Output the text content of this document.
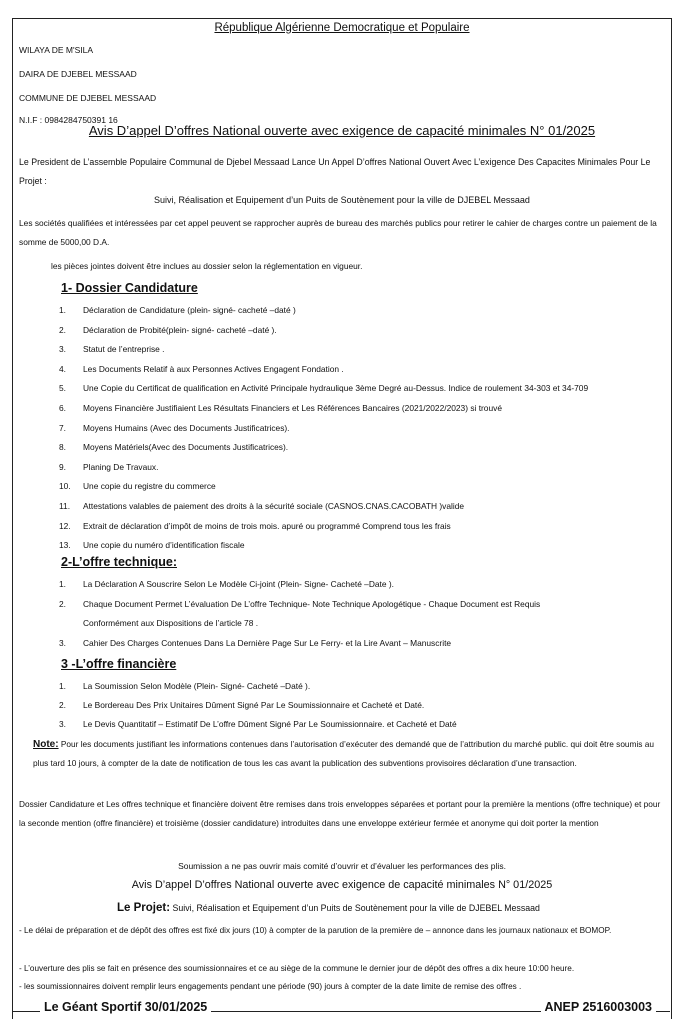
République Algérienne Democratique et Populaire
WILAYA DE M'SILA
DAIRA DE DJEBEL MESSAAD
COMMUNE DE DJEBEL MESSAAD
N.I.F : 0984284750391 16
Avis D’appel D’offres National ouverte avec exigence de capacité minimales N° 01/2025
Le President de L’assemble Populaire Communal de Djebel Messaad Lance Un Appel D’offres National Ouvert Avec L’exigence Des Capacites Minimales Pour Le Projet :
Suivi, Réalisation et Equipement d’un Puits de Soutènement pour la ville de DJEBEL Messaad
Les sociétés qualifiées et intéressées par cet appel peuvent se rapprocher auprès de bureau des marchés publics pour retirer le cahier de charges contre un paiement de la somme de 5000,00 D.A.
les pièces jointes doivent être inclues au dossier selon la réglementation en vigueur.
1- Dossier Candidature
1. Déclaration de Candidature (plein- signé- cacheté –daté )
2. Déclaration de Probité(plein- signé- cacheté –daté ).
3. Statut de l’entreprise .
4. Les Documents Relatif à aux Personnes Actives Engagent Fondation .
5. Une Copie du Certificat de qualification en Activité Principale hydraulique 3ème Degré au-Dessus. Indice de roulement 34-303 et 34-709
6. Moyens Financière Justifiaient Les Résultats Financiers et Les Références Bancaires (2021/2022/2023) si trouvé
7. Moyens Humains (Avec des Documents Justificatrices).
8. Moyens Matériels(Avec des Documents Justificatrices).
9. Planing De Travaux.
10. Une copie du registre du commerce
11. Attestations valables de paiement des droits à la sécurité sociale (CASNOS.CNAS.CACOBATH )valide
12. Extrait de déclaration d’impôt de moins de trois mois. apuré ou programmé Comprend tous les frais
13. Une copie du numéro d’identification fiscale
2-L’offre technique:
1. La Déclaration A Souscrire Selon Le Modèle Ci-joint (Plein- Signe- Cacheté –Date ).
2. Chaque Document Permet L’évaluation De L’offre Technique- Note Technique Apologétique - Chaque Document est Requis
Conformément aux Dispositions de l’article 78 .
3. Cahier Des Charges Contenues Dans La Dernière Page Sur Le Ferry- et la Lire Avant – Manuscrite
3 -L’offre financière
1. La Soumission Selon Modèle (Plein- Signé- Cacheté –Daté ).
2. Le Bordereau Des Prix Unitaires Dûment Signé Par Le Soumissionnaire et Cacheté et Daté.
3. Le Devis Quantitatif – Estimatif De L’offre Dûment Signé Par Le Soumissionnaire. et Cacheté et Daté
Note: Pour les documents justifiant les informations contenues dans l’autorisation d’exécuter des demandé que de l’attribution du marché public. qui doit être soumis au plus tard 10 jours, à compter de la date de notification de tous les cas avant la publication des subventions provisoires déclaration d’une transaction.
Dossier Candidature et Les offres technique et financière doivent être remises dans trois enveloppes séparées et portant pour la première la mentions (offre technique) et pour la seconde mention (offre financière) et troisième (dossier candidature) introduites dans une enveloppe extérieur fermée et anonyme qui doit porter la mention
Soumission a ne pas ouvrir mais comité d’ouvrir et d’évaluer les performances des plis.
Avis D’appel D’offres National ouverte avec exigence de capacité minimales N° 01/2025
Le Projet: Suivi, Réalisation et Equipement d’un Puits de Soutènement pour la ville de DJEBEL Messaad
- Le délai de préparation et de dépôt des offres est fixé dix jours (10) à compter de la parution de la première de – annonce dans les journaux nationaux et BOMOP.
- L’ouverture des plis se fait en présence des soumissionnaires et ce au siège de la commune le dernier jour de dépôt des offres a dix heure 10:00 heure.
- les soumissionnaires doivent remplir leurs engagements pendant une période (90) jours à compter de la date limite de remise des offres .
Le Géant Sportif 30/01/2025	ANEP 2516003003
